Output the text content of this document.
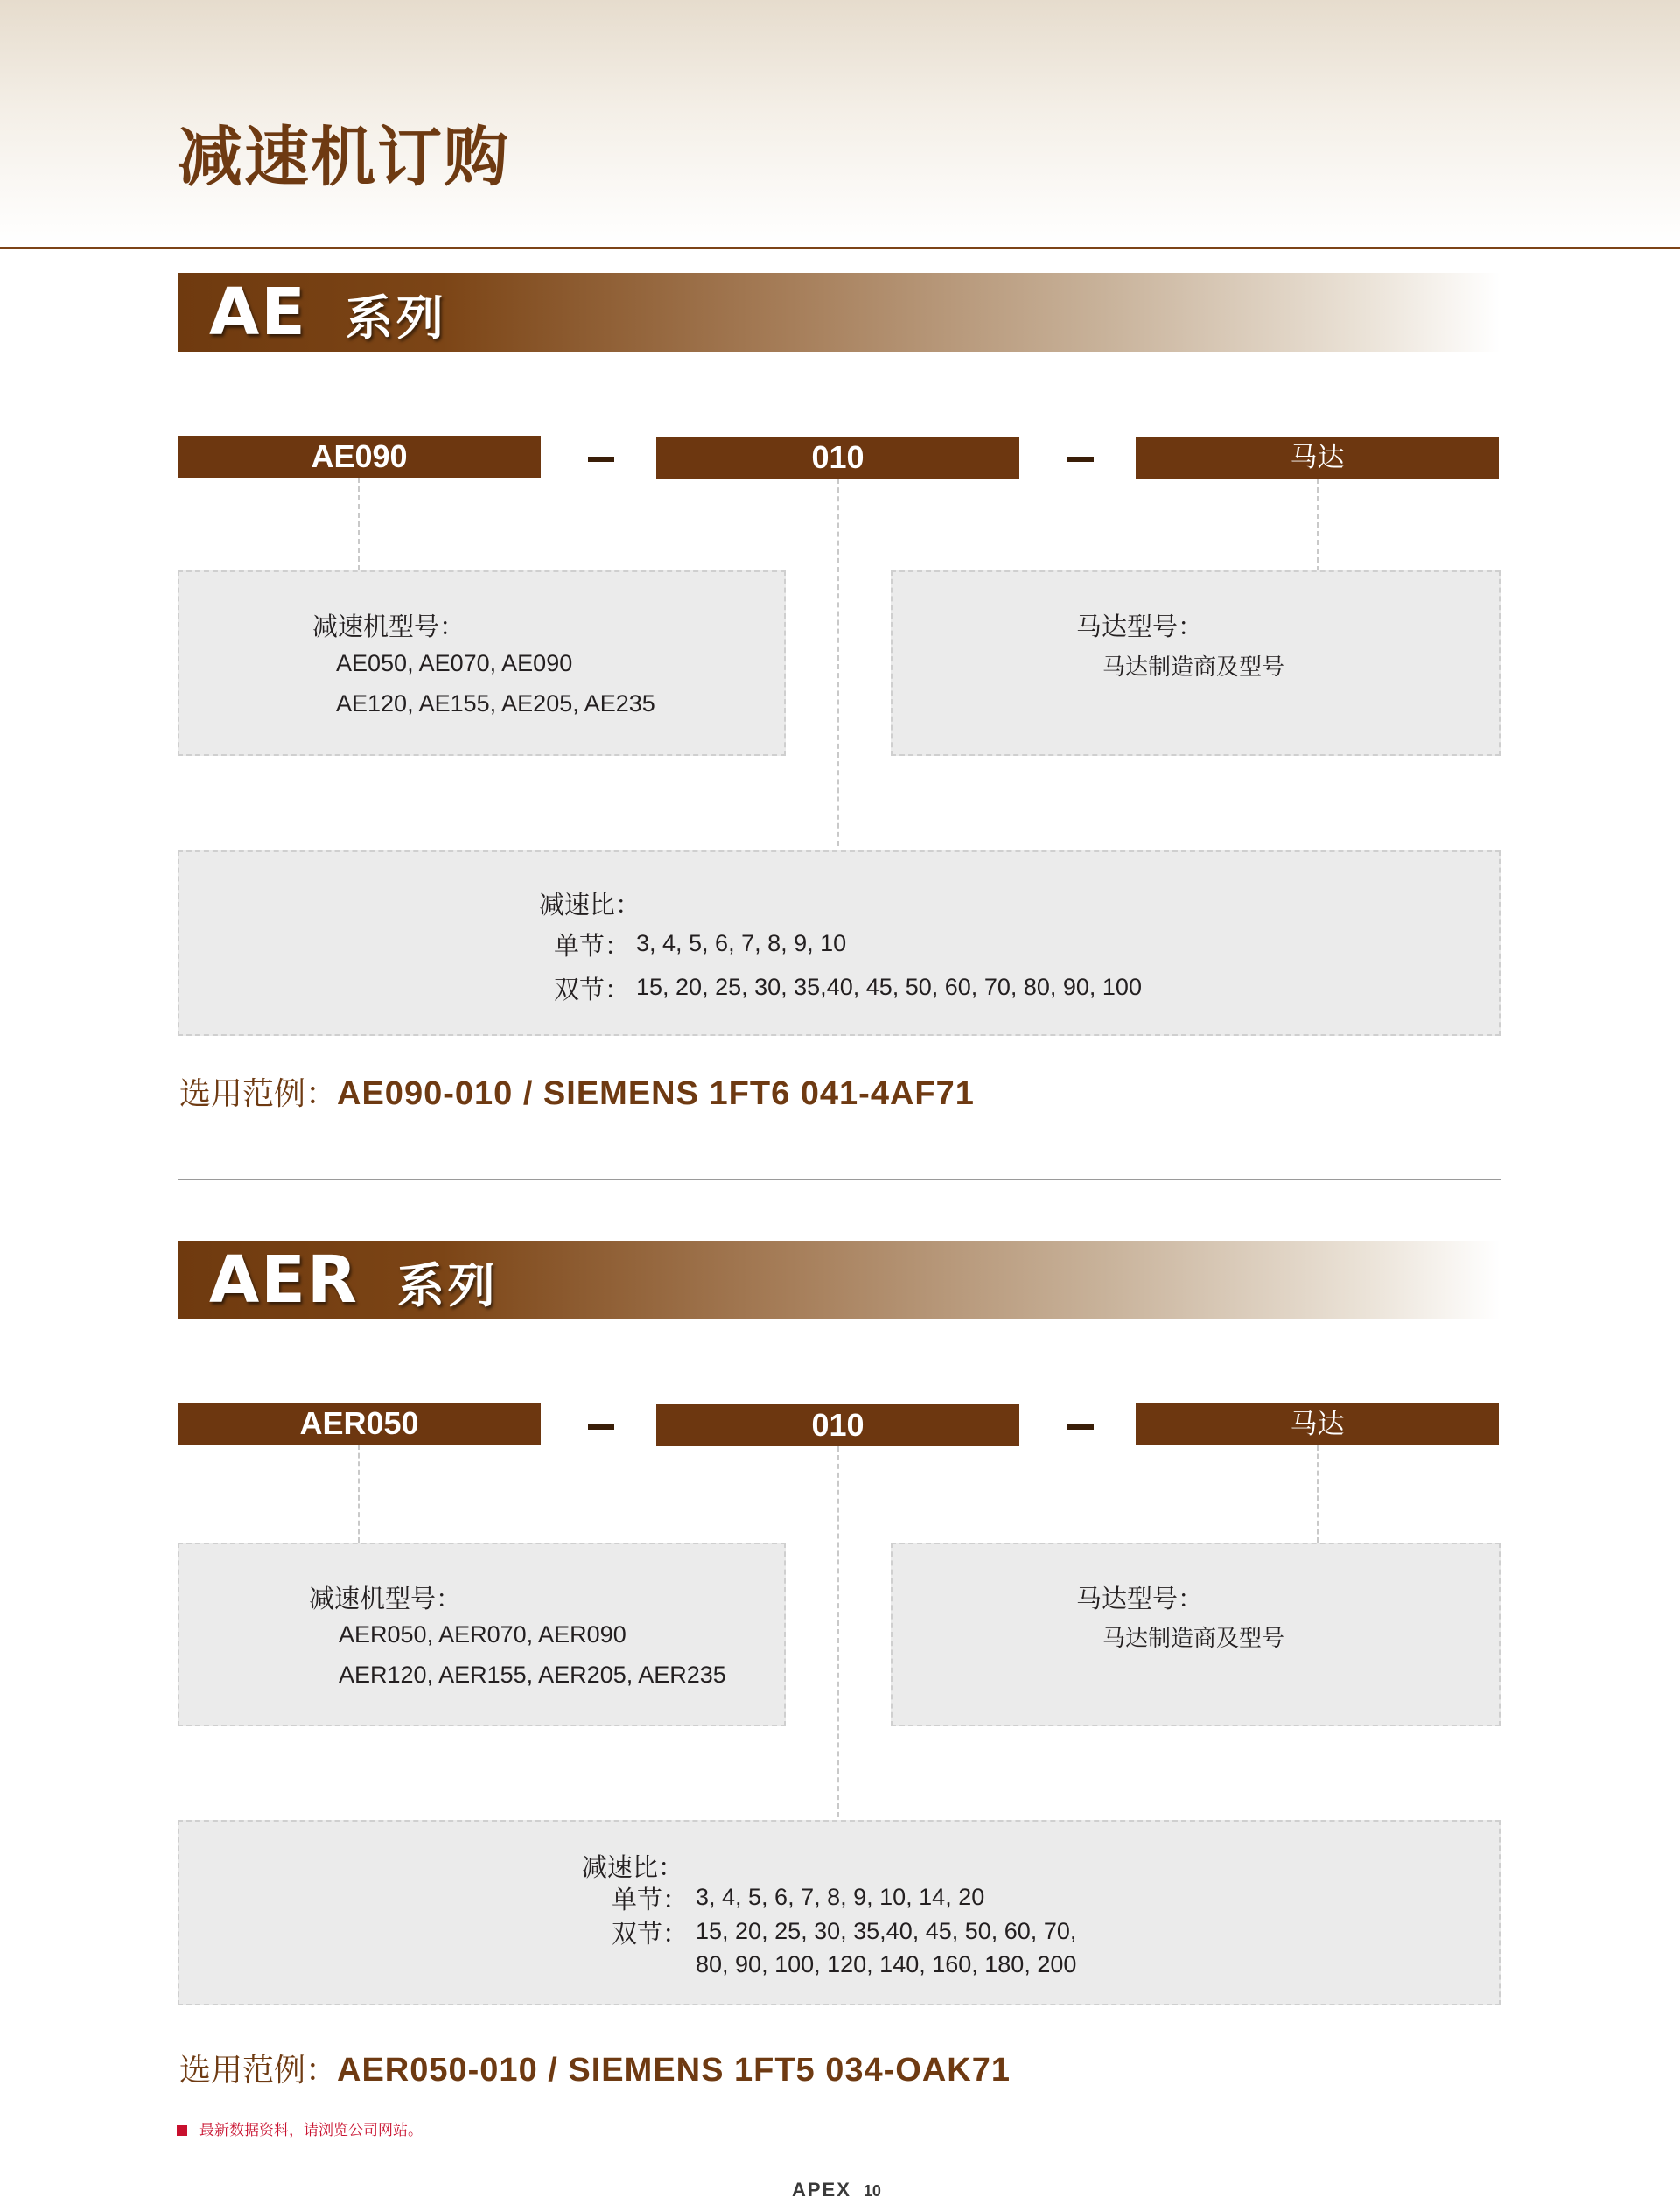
减速机订购
AE 系列
AE090	010	马达
减速机型号：
AE050, AE070, AE090
AE120, AE155, AE205, AE235
马达型号：
马达制造商及型号
减速比：
单节： 3, 4, 5, 6, 7, 8, 9, 10
双节： 15, 20, 25, 30, 35,40, 45, 50, 60, 70, 80, 90, 100
选用范例：AE090-010 / SIEMENS 1FT6 041-4AF71
AER 系列
AER050	010	马达
减速机型号：
AER050, AER070, AER090
AER120, AER155, AER205, AER235
马达型号：
马达制造商及型号
减速比：
单节： 3, 4, 5, 6, 7, 8, 9, 10, 14, 20
双节： 15, 20, 25, 30, 35,40, 45, 50, 60, 70,
80, 90, 100, 120, 140, 160, 180, 200
选用范例：AER050-010 / SIEMENS 1FT5 034-OAK71
最新数据资料，请浏览公司网站。
APEX 10
